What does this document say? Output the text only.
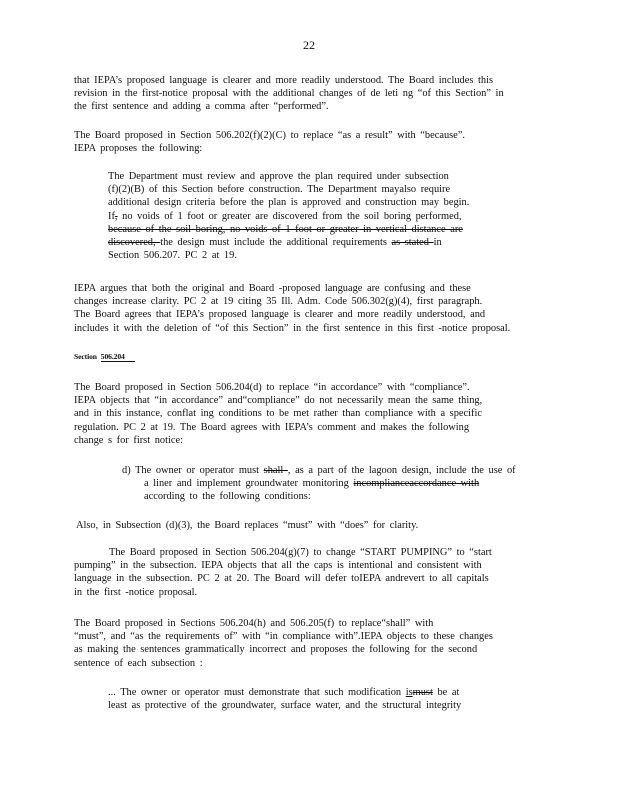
22
that IEPA’s proposed language is clearer and more readily understood. The Board includes this
revision in the first-notice proposal with the additional changes of de leti ng “of this Section” in
the first sentence and adding a comma after “performed”.
The Board proposed in Section 506.202(f)(2)(C) to replace “as a result” with “because”.
IEPA proposes the following:
The Department must review and approve the plan required under subsection
(f)(2)(B) of this Section before construction. The Department mayalso require
additional design criteria before the plan is approved and construction may begin.
If, no voids of 1 foot or greater are discovered from the soil boring performed,
because of the soil boring, no voids of 1 foot or greater in vertical distance are
discovered, the design must include the additional requirements as stated in
Section 506.207. PC 2 at 19.
IEPA argues that both the original and Board -proposed language are confusing and these
changes increase clarity. PC 2 at 19 citing 35 Ill. Adm. Code 506.302(g)(4), first paragraph.
The Board agrees that IEPA’s proposed language is clearer and more readily understood, and
includes it with the deletion of “of this Section” in the first sentence in this first -notice proposal.
Section 506.204
The Board proposed in Section 506.204(d) to replace “in accordance” with “compliance”.
IEPA objects that “in accordance” and“compliance” do not necessarily mean the same thing,
and in this instance, conflat ing conditions to be met rather than compliance with a specific
regulation. PC 2 at 19. The Board agrees with IEPA’s comment and makes the following
change s for first notice:
d) The owner or operator must shall , as a part of the lagoon design, include the use of
a liner and implement groundwater monitoring incomplianceaccordance with
according to the following conditions:
Also, in Subsection (d)(3), the Board replaces “must” with “does” for clarity.
The Board proposed in Section 506.204(g)(7) to change “START PUMPING” to “start
pumping” in the subsection. IEPA objects that all the caps is intentional and consistent with
language in the subsection. PC 2 at 20. The Board will defer toIEPA andrevert to all capitals
in the first -notice proposal.
The Board proposed in Sections 506.204(h) and 506.205(f) to replace“shall” with
“must”, and “as the requirements of” with “in compliance with”.IEPA objects to these changes
as making the sentences grammatically incorrect and proposes the following for the second
sentence of each subsection :
... The owner or operator must demonstrate that such modification ismust be at
least as protective of the groundwater, surface water, and the structural integrity
